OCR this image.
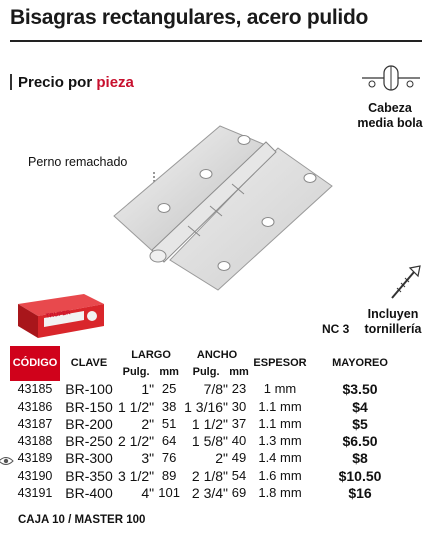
Bisagras rectangulares, acero pulido
Precio por pieza
Cabeza
media bola
Perno remachado
TRUPER	Incluyen
tornillería
NC 3
CÓDIGO	CLAVE	LARGO		ANCHO		ESPESOR	MAYOREO
		Pulg.	mm	Pulg.	mm		
43185	BR-100	1"	25	7/8"	23	1 mm	$3.50
43186	BR-150	1 1/2"	38	1 3/16"	30	1.1 mm	$4
43187	BR-200	2"	51	1 1/2"	37	1.1 mm	$5
43188	BR-250	2 1/2"	64	1 5/8"	40	1.3 mm	$6.50
43189	BR-300	3"	76	2"	49	1.4 mm	$8
43190	BR-350	3 1/2"	89	2 1/8"	54	1.6 mm	$10.50
43191	BR-400	4"	101	2 3/4"	69	1.8 mm	$16
CAJA 10 / MASTER 100
